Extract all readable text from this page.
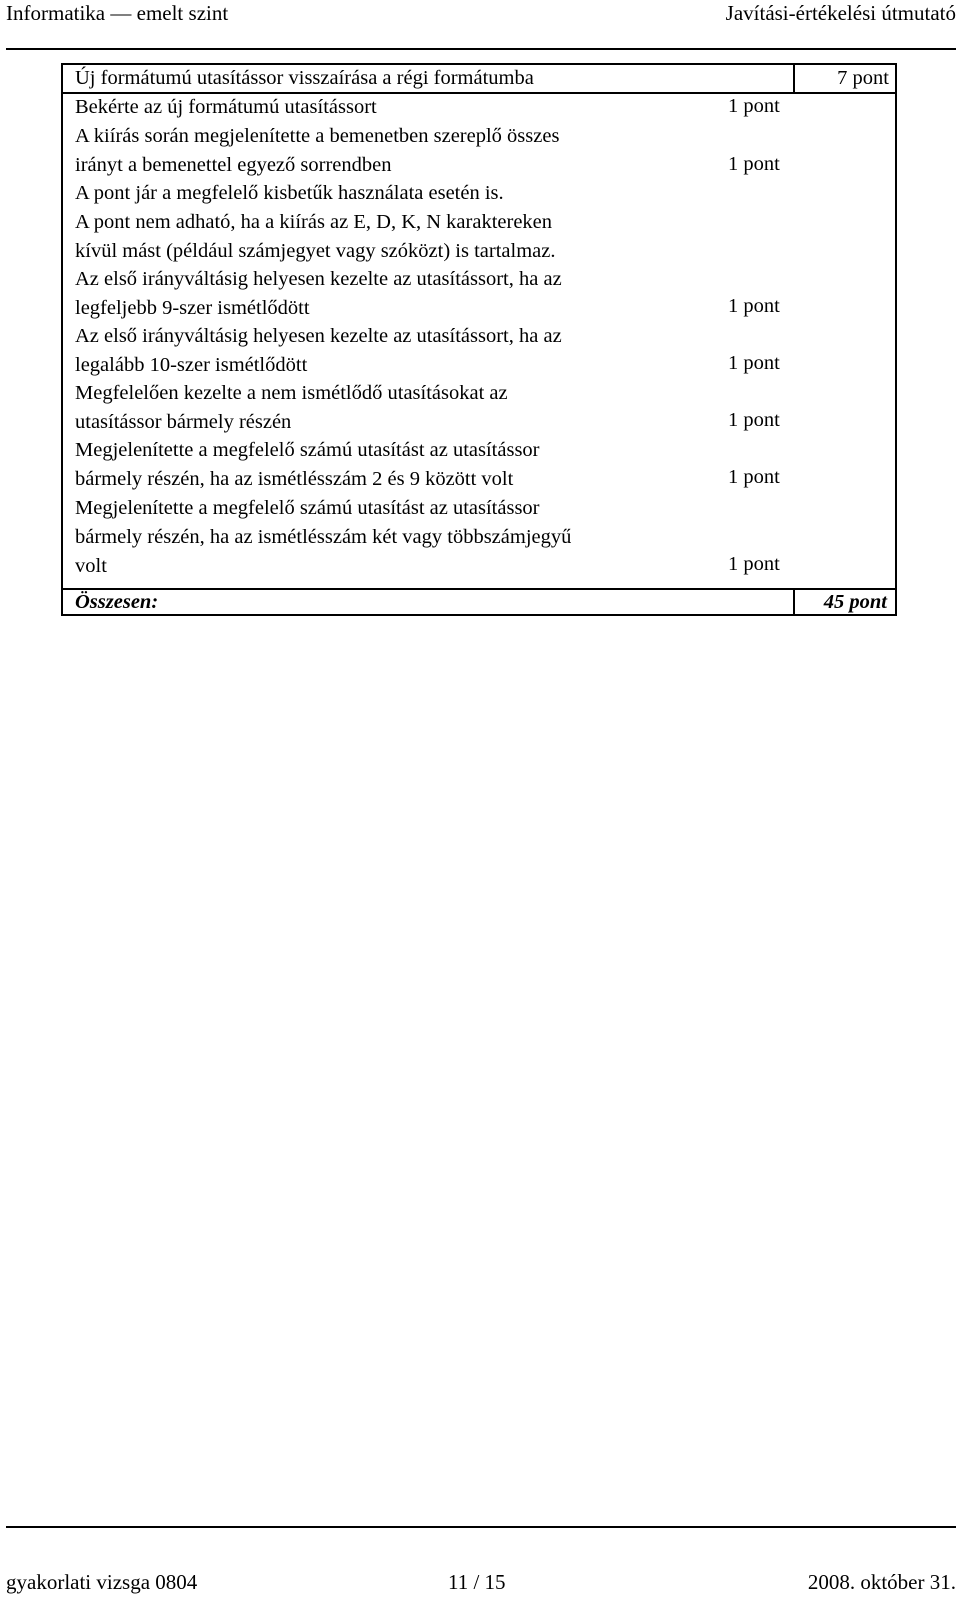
Informatika — emelt szint	Javítási-értékelési útmutató
Új formátumú utasítássor visszaírása a régi formátumba	7 pont
Bekérte az új formátumú utasítássort	1 pont
A kiírás során megjelenítette a bemenetben szereplő összes
irányt a bemenettel egyező sorrendben	1 pont
A pont jár a megfelelő kisbetűk használata esetén is.
A pont nem adható, ha a kiírás az E, D, K, N karaktereken
kívül mást (például számjegyet vagy szóközt) is tartalmaz.
Az első irányváltásig helyesen kezelte az utasítássort, ha az
legfeljebb 9-szer ismétlődött	1 pont
Az első irányváltásig helyesen kezelte az utasítássort, ha az
legalább 10-szer ismétlődött	1 pont
Megfelelően kezelte a nem ismétlődő utasításokat az
utasítássor bármely részén	1 pont
Megjelenítette a megfelelő számú utasítást az utasítássor
bármely részén, ha az ismétlésszám 2 és 9 között volt	1 pont
Megjelenítette a megfelelő számú utasítást az utasítássor
bármely részén, ha az ismétlésszám két vagy többszámjegyű
volt	1 pont
Összesen:	45 pont
gyakorlati vizsga 0804	11 / 15	2008. október 31.
